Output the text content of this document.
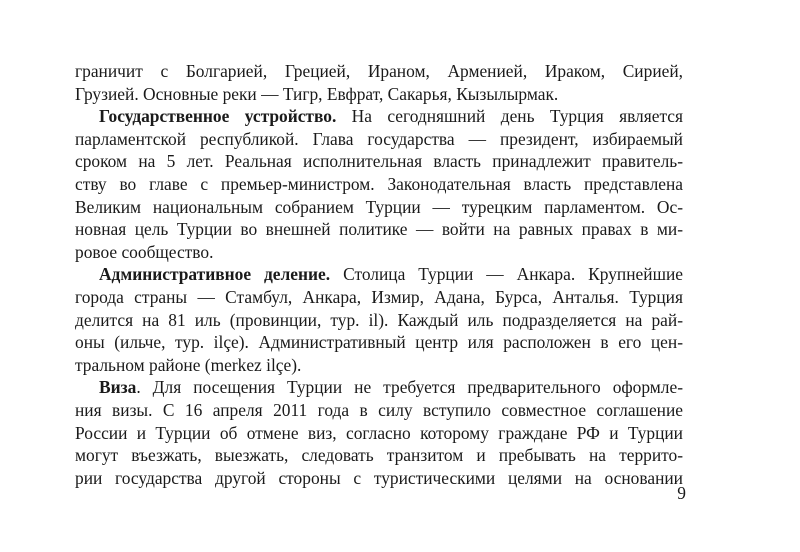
граничит с Болгарией, Грецией, Ираном, Арменией, Ираком, Сирией,
Грузией. Основные реки — Тигр, Евфрат, Сакарья, Кызылырмак.
Государственное устройство. На сегодняшний день Турция является
парламентской республикой. Глава государства — президент, избираемый
сроком на 5 лет. Реальная исполнительная власть принадлежит правитель-
ству во главе с премьер-министром. Законодательная власть представлена
Великим национальным собранием Турции — турецким парламентом. Ос-
новная цель Турции во внешней политике — войти на равных правах в ми-
ровое сообщество.
Административное деление. Столица Турции — Анкара. Крупнейшие
города страны — Стамбул, Анкара, Измир, Адана, Бурса, Анталья. Турция
делится на 81 иль (провинции, тур. il). Каждый иль подразделяется на рай-
оны (ильче, тур. ilçe). Административный центр иля расположен в его цен-
тральном районе (merkez ilçe).
Виза. Для посещения Турции не требуется предварительного оформле-
ния визы. С 16 апреля 2011 года в силу вступило совместное соглашение
России и Турции об отмене виз, согласно которому граждане РФ и Турции
могут въезжать, выезжать, следовать транзитом и пребывать на террито-
рии государства другой стороны с туристическими целями на основании
9
